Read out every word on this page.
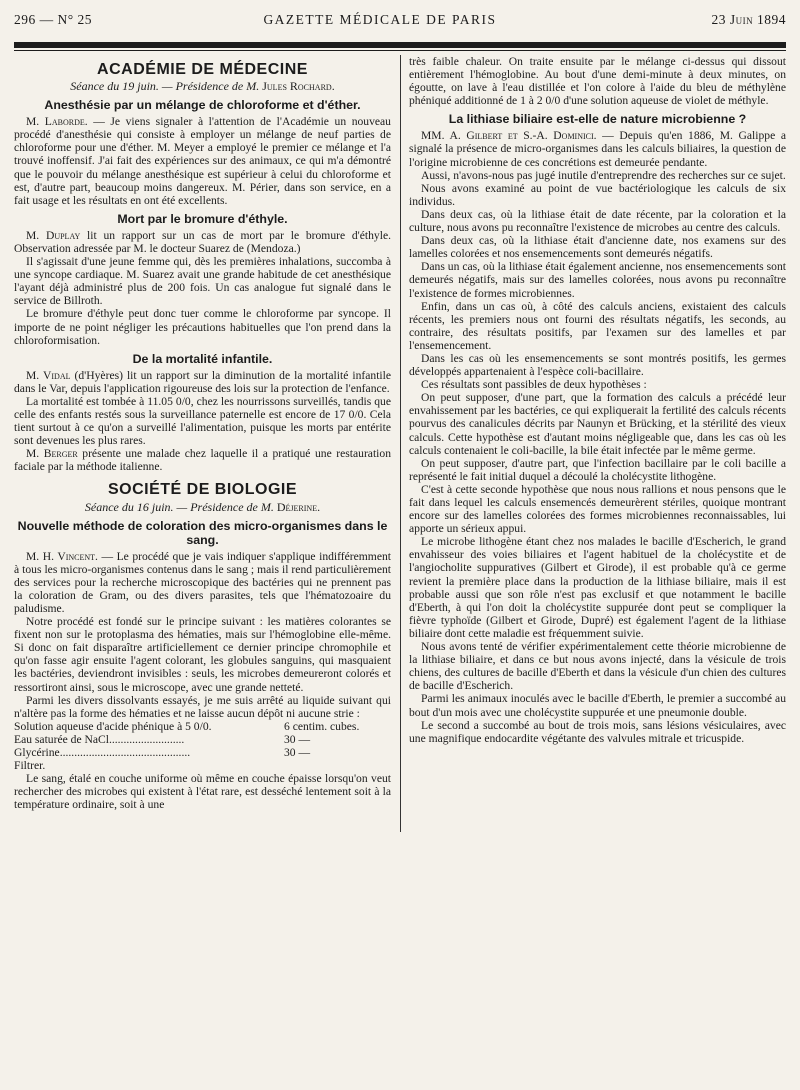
296 — N° 25	GAZETTE MÉDICALE DE PARIS	23 Juin 1894
ACADÉMIE DE MÉDECINE
Séance du 19 juin. — Présidence de M. Jules Rochard.
Anesthésie par un mélange de chloroforme et d'éther.

M. Laborde. — Je viens signaler à l'attention de l'Académie un nouveau procédé d'anesthésie qui consiste à employer un mélange de neuf parties de chloroforme pour une d'éther. M. Meyer a employé le premier ce mélange et l'a trouvé inoffensif. J'ai fait des expériences sur des animaux, ce qui m'a démontré que le pouvoir du mélange anesthésique est supérieur à celui du chloroforme et est, d'autre part, beaucoup moins dangereux. M. Périer, dans son service, en a fait usage et les résultats en ont été excellents.

Mort par le bromure d'éthyle.

M. Duplay lit un rapport sur un cas de mort par le bromure d'éthyle. Observation adressée par M. le docteur Suarez de (Mendoza.)

Il s'agissait d'une jeune femme qui, dès les premières inhalations, succomba à une syncope cardiaque. M. Suarez avait une grande habitude de cet anesthésique l'ayant déjà administré plus de 200 fois. Un cas analogue fut signalé dans le service de Billroth.

Le bromure d'éthyle peut donc tuer comme le chloroforme par syncope. Il importe de ne point négliger les précautions habituelles que l'on prend dans la chloroformisation.

De la mortalité infantile.

M. Vidal (d'Hyères) lit un rapport sur la diminution de la mortalité infantile dans le Var, depuis l'application rigoureuse des lois sur la protection de l'enfance.

La mortalité est tombée à 11.05 0/0, chez les nourrissons surveillés, tandis que celle des enfants restés sous la surveillance paternelle est encore de 17 0/0. Cela tient surtout à ce qu'on a surveillé l'alimentation, puisque les morts par entérite sont devenues les plus rares.

M. Berger présente une malade chez laquelle il a pratiqué une restauration faciale par la méthode italienne.

SOCIÉTÉ DE BIOLOGIE
Séance du 16 juin. — Présidence de M. Déjerine.
Nouvelle méthode de coloration des micro-organismes dans le sang.

M. H. Vincent. — Le procédé que je vais indiquer s'applique indifféremment à tous les micro-organismes contenus dans le sang ; mais il rend particulièrement des services pour la recherche microscopique des bactéries qui ne prennent pas la coloration de Gram, ou des divers parasites, tels que l'hématozoaire du paludisme.

Notre procédé est fondé sur le principe suivant : les matières colorantes se fixent non sur le protoplasma des hématies, mais sur l'hémoglobine elle-même. Si donc on fait disparaître artificiellement ce dernier principe chromophile et qu'on fasse agir ensuite l'agent colorant, les globules sanguins, qui masquaient les bactéries, deviendront invisibles : seuls, les microbes demeureront colorés et ressortiront ainsi, sous le microscope, avec une grande netteté.

Parmi les divers dissolvants essayés, je me suis arrêté au liquide suivant qui n'altère pas la forme des hématies et ne laisse aucun dépôt ni aucune strie :

Solution aqueuse d'acide phénique à 5 0/0.	6 centim. cubes.
Eau saturée de NaCl..........................	30 —
Glycérine.............................................	30 —
Filtrer.	

Le sang, étalé en couche uniforme où même en couche épaisse lorsqu'on veut rechercher des microbes qui existent à l'état rare, est desséché lentement soit à la température ordinaire, soit à une

très faible chaleur. On traite ensuite par le mélange ci-dessus qui dissout entièrement l'hémoglobine. Au bout d'une demi-minute à deux minutes, on égoutte, on lave à l'eau distillée et l'on colore à l'aide du bleu de méthylène phéniqué additionné de 1 à 2 0/0 d'une solution aqueuse de violet de méthyle.

La lithiase biliaire est-elle de nature microbienne ?

MM. A. Gilbert et S.-A. Dominici. — Depuis qu'en 1886, M. Galippe a signalé la présence de micro-organismes dans les calculs biliaires, la question de l'origine microbienne de ces concrétions est demeurée pendante.

Aussi, n'avons-nous pas jugé inutile d'entreprendre des recherches sur ce sujet.

Nous avons examiné au point de vue bactériologique les calculs de six individus.

Dans deux cas, où la lithiase était de date récente, par la coloration et la culture, nous avons pu reconnaître l'existence de microbes au centre des calculs.

Dans deux cas, où la lithiase était d'ancienne date, nos examens sur des lamelles colorées et nos ensemencements sont demeurés négatifs.

Dans un cas, où la lithiase était également ancienne, nos ensemencements sont demeurés négatifs, mais sur des lamelles colorées, nous avons pu reconnaître l'existence de formes microbiennes.

Enfin, dans un cas où, à côté des calculs anciens, existaient des calculs récents, les premiers nous ont fourni des résultats négatifs, les seconds, au contraire, des résultats positifs, par l'examen sur des lamelles et par l'ensemencement.

Dans les cas où les ensemencements se sont montrés positifs, les germes développés appartenaient à l'espèce coli-bacillaire.

Ces résultats sont passibles de deux hypothèses :

On peut supposer, d'une part, que la formation des calculs a précédé leur envahissement par les bactéries, ce qui expliquerait la fertilité des calculs récents pourvus des canalicules décrits par Naunyn et Brücking, et la stérilité des vieux calculs. Cette hypothèse est d'autant moins négligeable que, dans les cas où les calculs contenaient le coli-bacille, la bile était infectée par le même germe.

On peut supposer, d'autre part, que l'infection bacillaire par le coli bacille a représenté le fait initial duquel a découlé la cholécystite lithogène.

C'est à cette seconde hypothèse que nous nous rallions et nous pensons que le fait dans lequel les calculs ensemencés demeurèrent stériles, quoique montrant encore sur des lamelles colorées des formes microbiennes reconnaissables, lui apporte un sérieux appui.

Le microbe lithogène étant chez nos malades le bacille d'Escherich, le grand envahisseur des voies biliaires et l'agent habituel de la cholécystite et de l'angiocholite suppuratives (Gilbert et Girode), il est probable qu'à ce germe revient la première place dans la production de la lithiase biliaire, mais il est probable aussi que son rôle n'est pas exclusif et que notamment le bacille d'Eberth, à qui l'on doit la cholécystite suppurée dont peut se compliquer la fièvre typhoïde (Gilbert et Girode, Dupré) est également l'agent de la lithiase biliaire dont cette maladie est fréquemment suivie.

Nous avons tenté de vérifier expérimentalement cette théorie microbienne de la lithiase biliaire, et dans ce but nous avons injecté, dans la vésicule de trois chiens, des cultures de bacille d'Eberth et dans la vésicule d'un chien des cultures de bacille d'Escherich.

Parmi les animaux inoculés avec le bacille d'Eberth, le premier a succombé au bout d'un mois avec une cholécystite suppurée et une pneumonie double.

Le second a succombé au bout de trois mois, sans lésions vésiculaires, avec une magnifique endocardite végétante des valvules mitrale et tricuspide.
